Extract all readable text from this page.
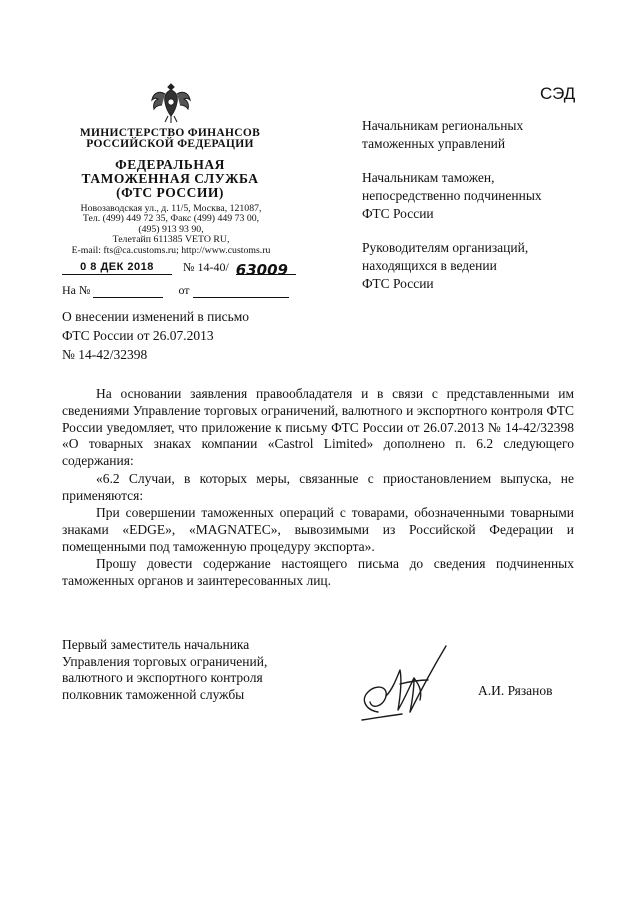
СЭД
МИНИСТЕРСТВО ФИНАНСОВ
РОССИЙСКОЙ ФЕДЕРАЦИИ
ФЕДЕРАЛЬНАЯ
ТАМОЖЕННАЯ СЛУЖБА
(ФТС РОССИИ)
Новозаводская ул., д. 11/5, Москва, 121087,
Тел. (499) 449 72 35, Факс (499) 449 73 00,
(495) 913 93 90,
Телетайп 611385 VETO RU,
E-mail: fts@ca.customs.ru; http://www.customs.ru
0 8 ДЕК 2018 № 14-40/ 63009
На №	от
О внесении изменений в письмо
ФТС России от 26.07.2013
№ 14-42/32398
Начальникам региональных
таможенных управлений
Начальникам таможен,
непосредственно подчиненных
ФТС России
Руководителям организаций,
находящихся в ведении
ФТС России

На основании заявления правообладателя и в связи с представленными им сведениями Управление торговых ограничений, валютного и экспортного контроля ФТС России уведомляет, что приложение к письму ФТС России от 26.07.2013 № 14-42/32398 «О товарных знаках компании «Castrol Limited» дополнено п. 6.2 следующего содержания:

«6.2 Случаи, в которых меры, связанные с приостановлением выпуска, не применяются:

При совершении таможенных операций с товарами, обозначенными товарными знаками «EDGE», «MAGNATEC», вывозимыми из Российской Федерации и помещенными под таможенную процедуру экспорта».

Прошу довести содержание настоящего письма до сведения подчиненных таможенных органов и заинтересованных лиц.

Первый заместитель начальника
Управления торговых ограничений,
валютного и экспортного контроля
полковник таможенной службы	А.И. Рязанов
